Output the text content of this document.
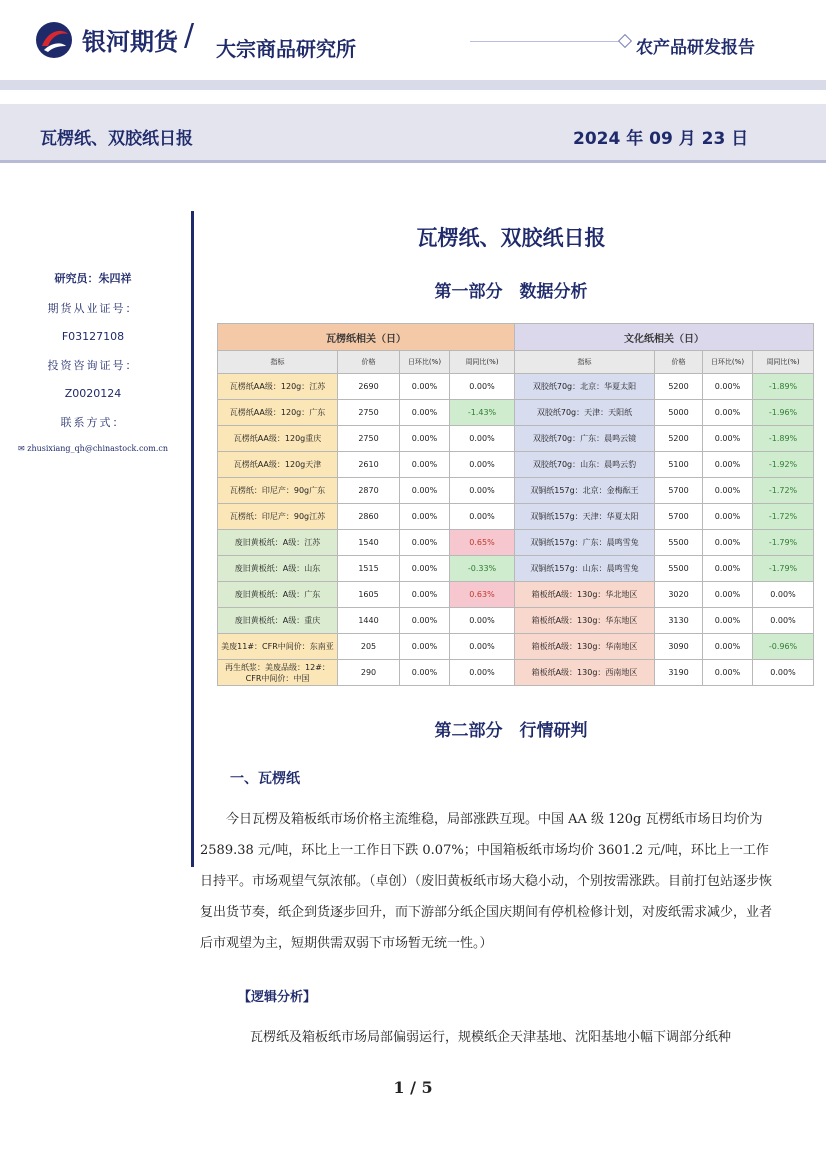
银河期货 / 大宗商品研究所	农产品研发报告
瓦楞纸、双胶纸日报	2024 年 09 月 23 日
研究员：朱四祥
期货从业证号：
F03127108
投资咨询证号：
Z0020124
联系方式：
✉ zhusixiang_qh@chinastock.com.cn
瓦楞纸、双胶纸日报
第一部分　数据分析
瓦楞纸相关（日）				文化纸相关（日）			
指标	价格	日环比(%)	周同比(%)	指标	价格	日环比(%)	周同比(%)
瓦楞纸AA级：120g：江苏	2690	0.00%	0.00%	双胶纸70g：北京：华夏太阳	5200	0.00%	-1.89%
瓦楞纸AA级：120g：广东	2750	0.00%	-1.43%	双胶纸70g：天津：天阳纸	5000	0.00%	-1.96%
瓦楞纸AA级：120g重庆	2750	0.00%	0.00%	双胶纸70g：广东：晨鸣云镜	5200	0.00%	-1.89%
瓦楞纸AA级：120g天津	2610	0.00%	0.00%	双胶纸70g：山东：晨鸣云豹	5100	0.00%	-1.92%
瓦楞纸：印尼产：90g广东	2870	0.00%	0.00%	双铜纸157g：北京：金梅酝王	5700	0.00%	-1.72%
瓦楞纸：印尼产：90g江苏	2860	0.00%	0.00%	双铜纸157g：天津：华夏太阳	5700	0.00%	-1.72%
废旧黄板纸：A级：江苏	1540	0.00%	0.65%	双铜纸157g：广东：晨鸣雪兔	5500	0.00%	-1.79%
废旧黄板纸：A级：山东	1515	0.00%	-0.33%	双铜纸157g：山东：晨鸣雪兔	5500	0.00%	-1.79%
废旧黄板纸：A级：广东	1605	0.00%	0.63%	箱板纸A级：130g：华北地区	3020	0.00%	0.00%
废旧黄板纸：A级：重庆	1440	0.00%	0.00%	箱板纸A级：130g：华东地区	3130	0.00%	0.00%
美废11#：CFR中间价：东南亚	205	0.00%	0.00%	箱板纸A级：130g：华南地区	3090	0.00%	-0.96%
再生纸浆：美废品级：12#：CFR中间价：中国	290	0.00%	0.00%	箱板纸A级：130g：西南地区	3190	0.00%	0.00%
第二部分　行情研判
一、瓦楞纸
今日瓦楞及箱板纸市场价格主流维稳，局部涨跌互现。中国 AA 级 120g 瓦楞纸市场日均价为 2589.38 元/吨，环比上一工作日下跌 0.07%；中国箱板纸市场均价 3601.2 元/吨，环比上一工作日持平。市场观望气氛浓郁。（卓创）（废旧黄板纸市场大稳小动，个别按需涨跌。目前打包站逐步恢复出货节奏，纸企到货逐步回升，而下游部分纸企国庆期间有停机检修计划，对废纸需求减少，业者后市观望为主，短期供需双弱下市场暂无统一性。）
【逻辑分析】
瓦楞纸及箱板纸市场局部偏弱运行，规模纸企天津基地、沈阳基地小幅下调部分纸种
1 / 5
